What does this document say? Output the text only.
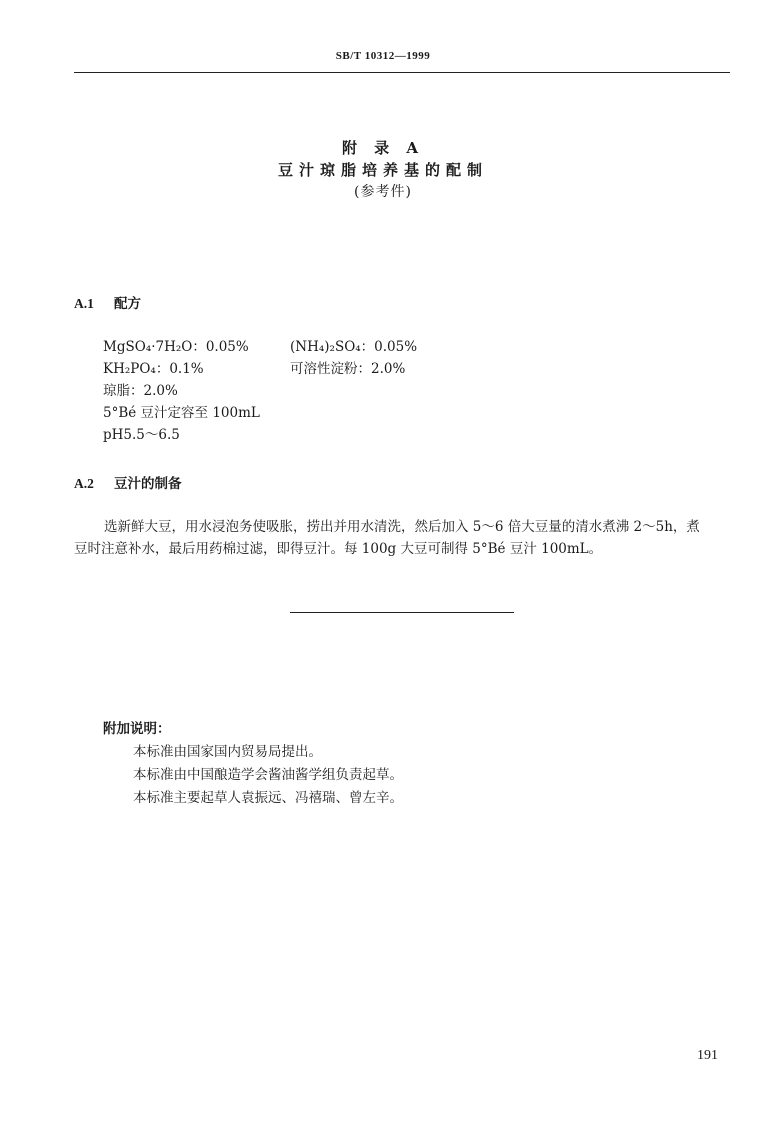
SB/T 10312—1999
附 录 A
豆汁琼脂培养基的配制
(参考件)
A.1 配方
MgSO₄·7H₂O：0.05%
KH₂PO₄：0.1%
琼脂：2.0%
5°Bé 豆汁定容至 100mL
pH5.5～6.5
(NH₄)₂SO₄：0.05%
可溶性淀粉：2.0%
A.2 豆汁的制备
选新鲜大豆，用水浸泡务使吸胀，捞出并用水清洗，然后加入 5～6 倍大豆量的清水煮沸 2～5h，煮
豆时注意补水，最后用药棉过滤，即得豆汁。每 100g 大豆可制得 5°Bé 豆汁 100mL。
附加说明：
本标准由国家国内贸易局提出。
本标准由中国酿造学会酱油酱学组负责起草。
本标准主要起草人袁振远、冯禧瑞、曾左辛。
191
